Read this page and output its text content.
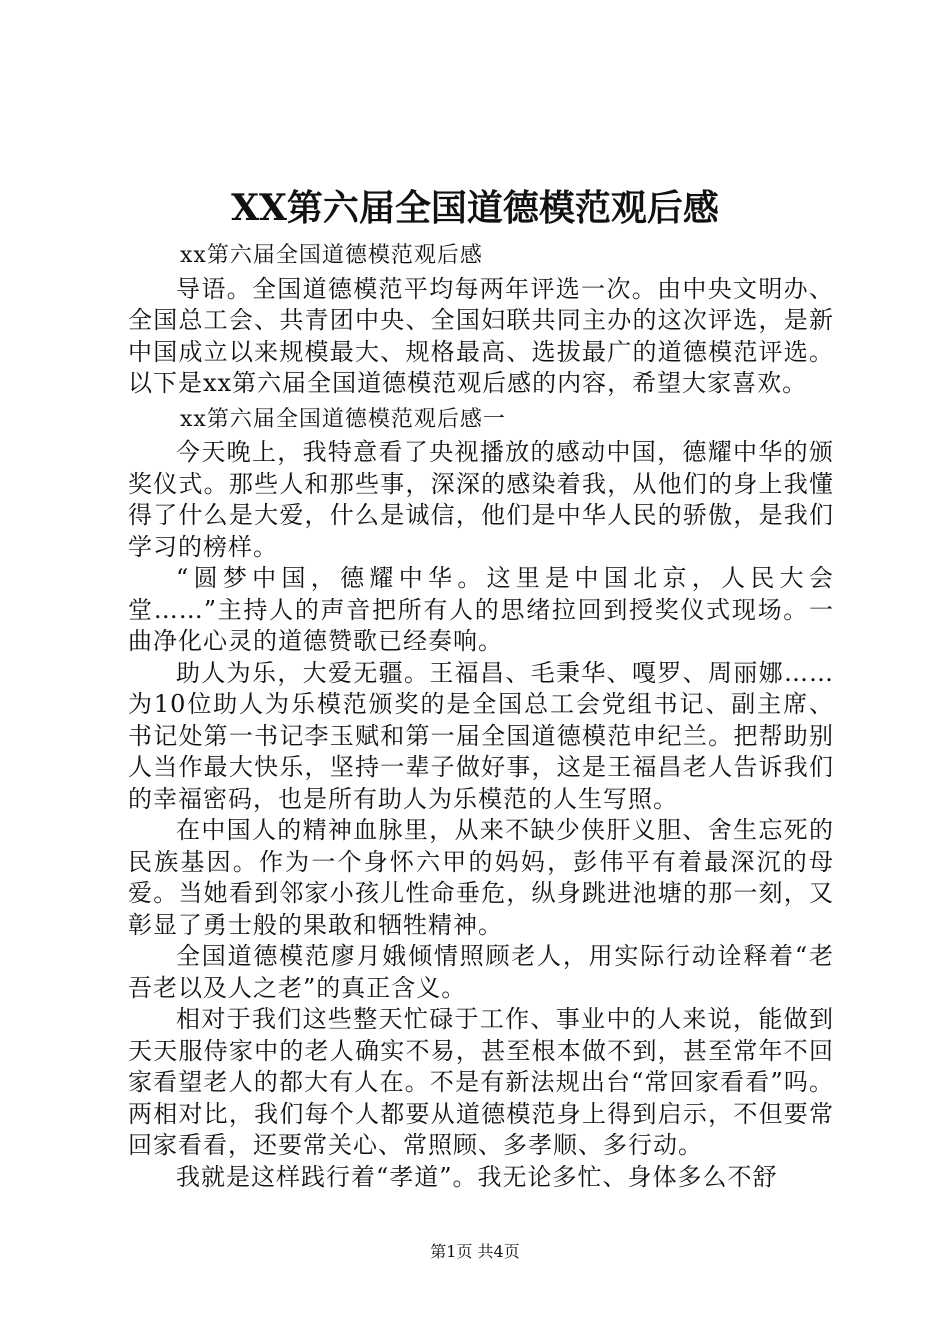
XX第六届全国道德模范观后感

xx第六届全国道德模范观后感

导语。全国道德模范平均每两年评选一次。由中央文明办、全国总工会、共青团中央、全国妇联共同主办的这次评选，是新中国成立以来规模最大、规格最高、选拔最广的道德模范评选。以下是xx第六届全国道德模范观后感的内容，希望大家喜欢。

xx第六届全国道德模范观后感一

今天晚上，我特意看了央视播放的感动中国，德耀中华的颁奖仪式。那些人和那些事，深深的感染着我，从他们的身上我懂得了什么是大爱，什么是诚信，他们是中华人民的骄傲，是我们学习的榜样。

“圆梦中国，德耀中华。这里是中国北京，人民大会堂……”主持人的声音把所有人的思绪拉回到授奖仪式现场。一曲净化心灵的道德赞歌已经奏响。

助人为乐，大爱无疆。王福昌、毛秉华、嘎罗、周丽娜……为10位助人为乐模范颁奖的是全国总工会党组书记、副主席、书记处第一书记李玉赋和第一届全国道德模范申纪兰。把帮助别人当作最大快乐，坚持一辈子做好事，这是王福昌老人告诉我们的幸福密码，也是所有助人为乐模范的人生写照。

在中国人的精神血脉里，从来不缺少侠肝义胆、舍生忘死的民族基因。作为一个身怀六甲的妈妈，彭伟平有着最深沉的母爱。当她看到邻家小孩儿性命垂危，纵身跳进池塘的那一刻，又彰显了勇士般的果敢和牺牲精神。

全国道德模范廖月娥倾情照顾老人，用实际行动诠释着“老吾老以及人之老”的真正含义。

相对于我们这些整天忙碌于工作、事业中的人来说，能做到天天服侍家中的老人确实不易，甚至根本做不到，甚至常年不回家看望老人的都大有人在。不是有新法规出台“常回家看看”吗。两相对比，我们每个人都要从道德模范身上得到启示，不但要常回家看看，还要常关心、常照顾、多孝顺、多行动。

我就是这样践行着“孝道”。我无论多忙、身体多么不舒

第1页 共4页
